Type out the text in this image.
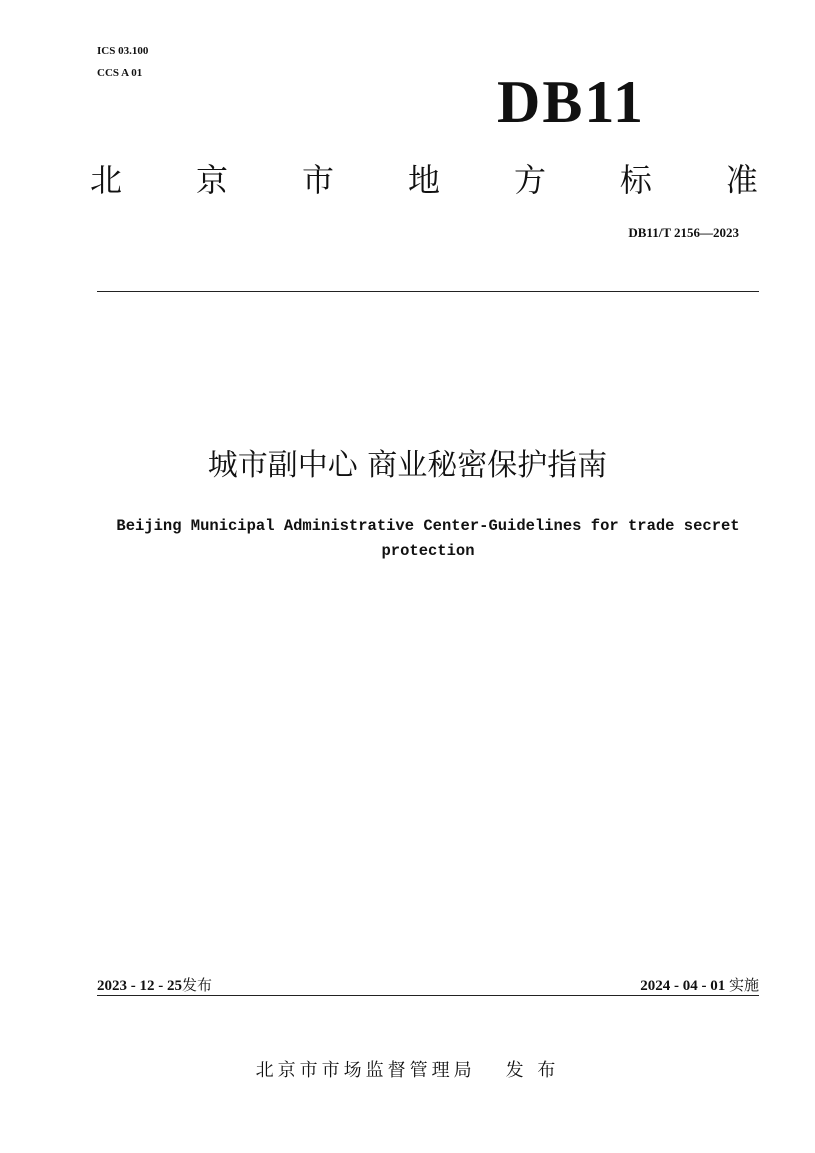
ICS 03.100
CCS A 01	DB11
北 京 市 地 方 标 准
DB11/T 2156—2023
城市副中心 商业秘密保护指南
Beijing Municipal Administrative Center-Guidelines for trade secret
protection
2023 - 12 - 25发布	2024 - 04 - 01 实施
北京市市场监督管理局 发 布
